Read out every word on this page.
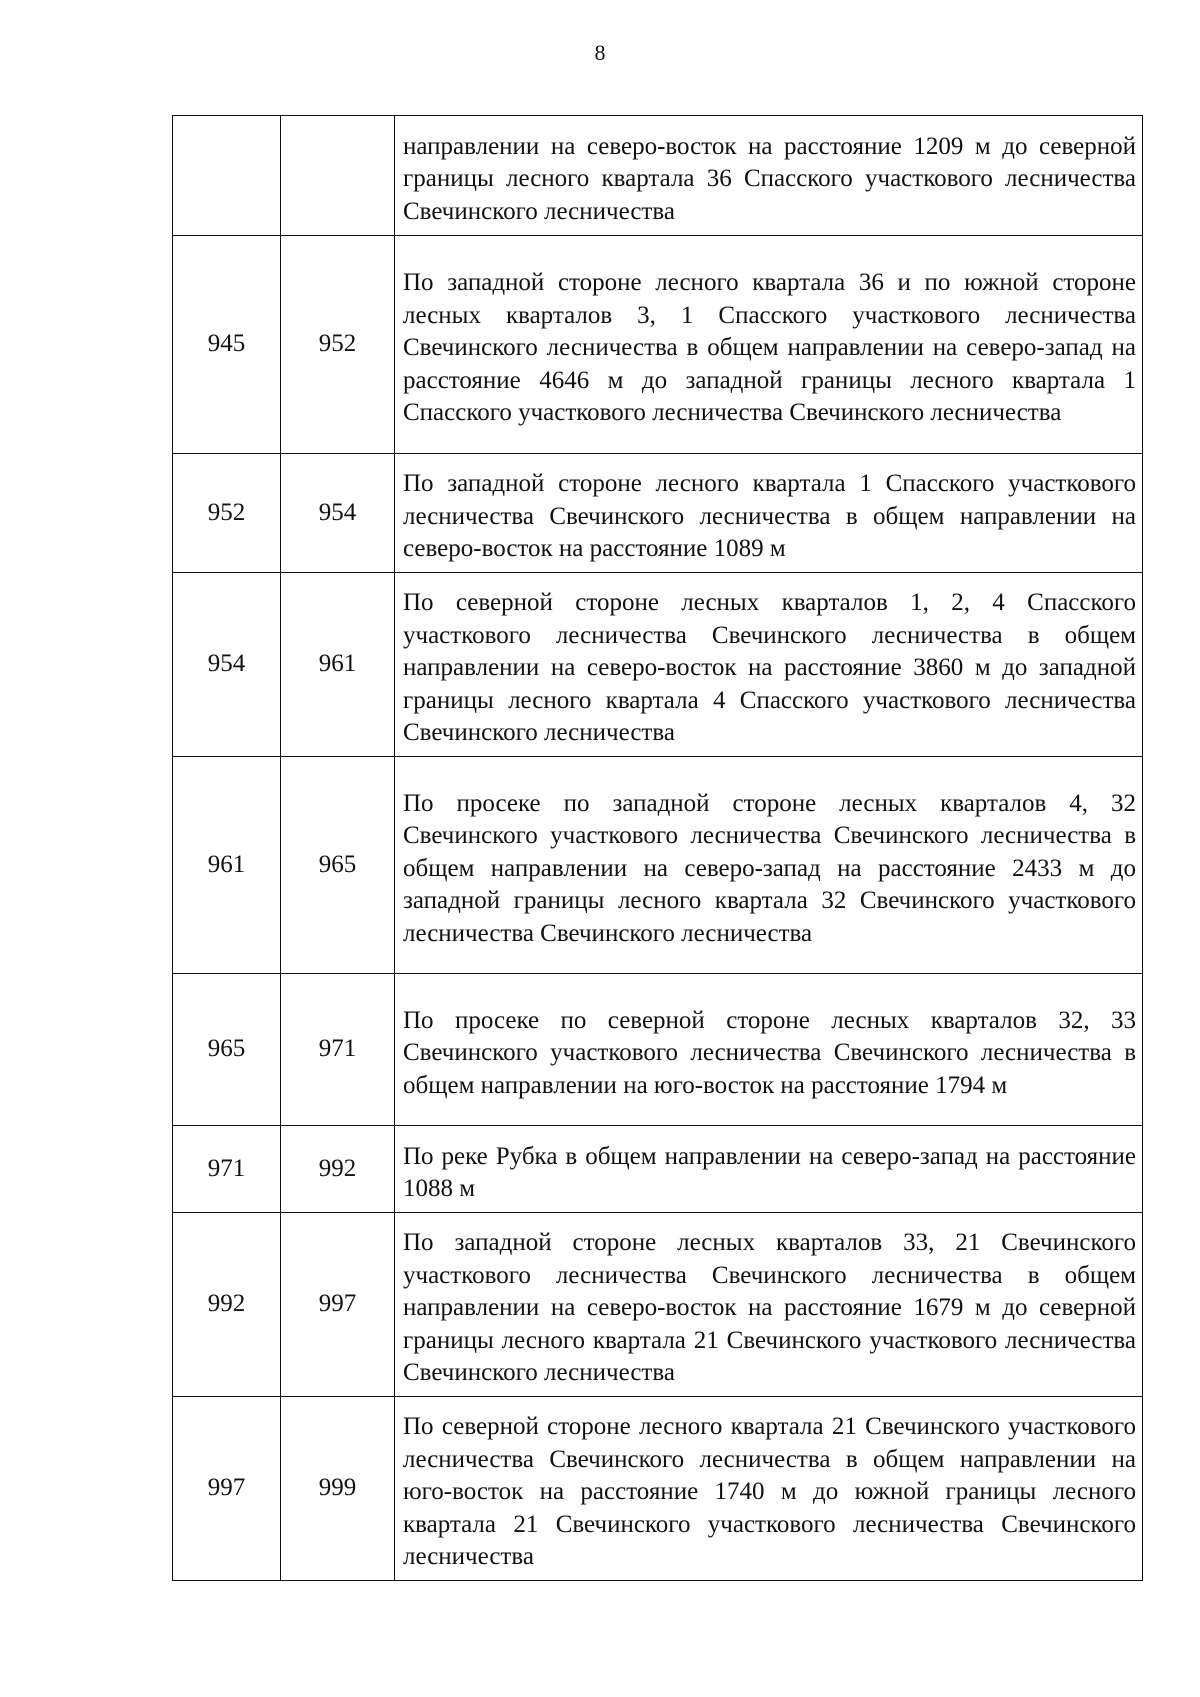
8
		направлении на северо-восток на расстояние 1209 м до северной границы лесного квартала 36 Спасского участкового лесничества Свечинского лесничества
945	952	По западной стороне лесного квартала 36 и по южной стороне лесных кварталов 3, 1 Спасского участкового лесничества Свечинского лесничества в общем направлении на северо-запад на расстояние 4646 м до западной границы лесного квартала 1 Спасского участкового лесничества Свечинского лесничества
952	954	По западной стороне лесного квартала 1 Спасского участкового лесничества Свечинского лесничества в общем направлении на северо-восток на расстояние 1089 м
954	961	По северной стороне лесных кварталов 1, 2, 4 Спасского участкового лесничества Свечинского лесничества в общем направлении на северо-восток на расстояние 3860 м до западной границы лесного квартала 4 Спасского участкового лесничества Свечинского лесничества
961	965	По просеке по западной стороне лесных кварталов 4, 32 Свечинского участкового лесничества Свечинского лесничества в общем направлении на северо-запад на расстояние 2433 м до западной границы лесного квартала 32 Свечинского участкового лесничества Свечинского лесничества
965	971	По просеке по северной стороне лесных кварталов 32, 33 Свечинского участкового лесничества Свечинского лесничества в общем направлении на юго-восток на расстояние 1794 м
971	992	По реке Рубка в общем направлении на северо-запад на расстояние 1088 м
992	997	По западной стороне лесных кварталов 33, 21 Свечинского участкового лесничества Свечинского лесничества в общем направлении на северо-восток на расстояние 1679 м до северной границы лесного квартала 21 Свечинского участкового лесничества Свечинского лесничества
997	999	По северной стороне лесного квартала 21 Свечинского участкового лесничества Свечинского лесничества в общем направлении на юго-восток на расстояние 1740 м до южной границы лесного квартала 21 Свечинского участкового лесничества Свечинского лесничества
